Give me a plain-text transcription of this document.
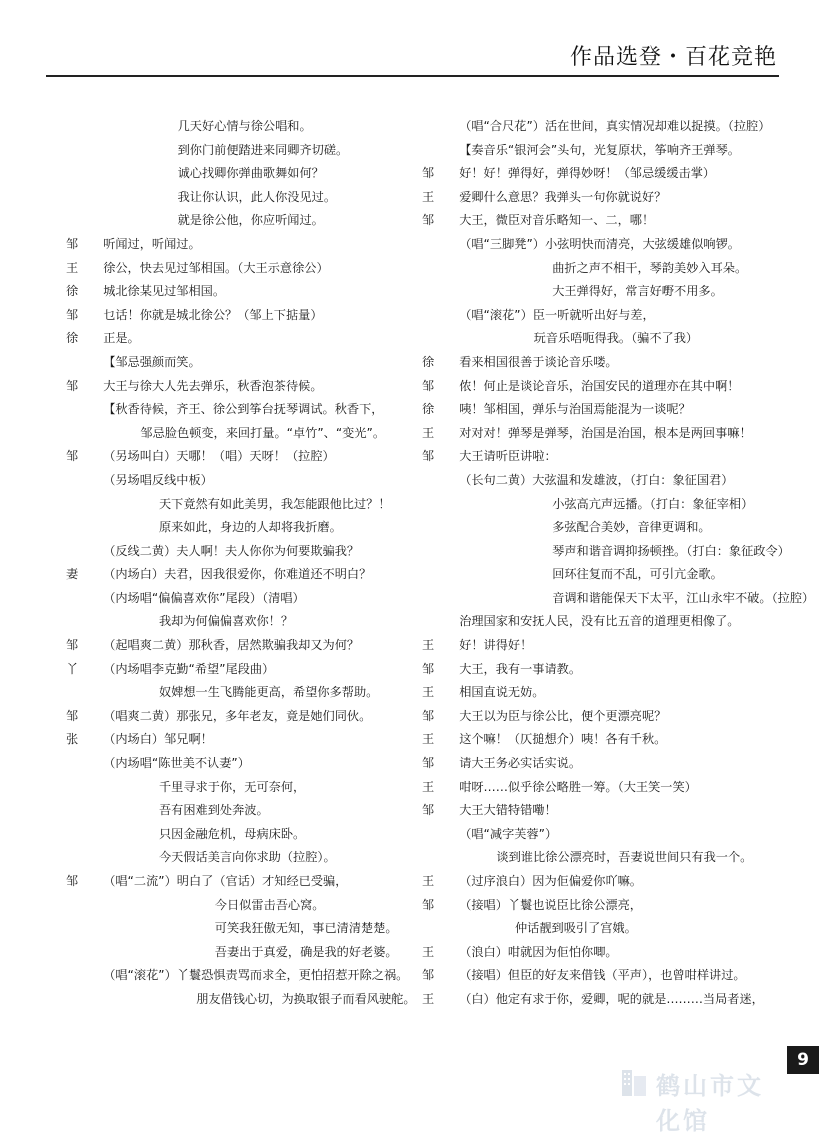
作品选登・百花竞艳
几天好心情与徐公唱和。
到你门前便踏进来同卿齐切磋。
诚心找卿你弹曲歌舞如何？
我让你认识，此人你没见过。
就是徐公他，你应听闻过。
邹 听闻过，听闻过。
王 徐公，快去见过邹相国。（大王示意徐公）
徐 城北徐某见过邹相国。
邹 乜话！你就是城北徐公？（邹上下掂量）
徐 正是。
【邹忌强颜而笑。
邹 大王与徐大人先去弹乐，秋香泡茶待候。
【秋香待候，齐王、徐公到筝台抚琴调试。秋香下，
邹忌脸色顿变，来回打量。“卓竹”、“变光”。
邹 （另场叫白）天哪！（唱）天呀！（拉腔）
（另场唱反线中板）
天下竟然有如此美男，我怎能跟他比过？！
原来如此，身边的人却将我折磨。
（反线二黄）夫人啊！夫人你你为何要欺骗我？
妻 （内场白）夫君，因我很爱你，你难道还不明白？
（内场唱“偏偏喜欢你”尾段）（清唱）
我却为何偏偏喜欢你！？
邹 （起唱爽二黄）那秋香，居然欺骗我却又为何？
丫 （内场唱李克勤“希望”尾段曲）
奴婢想一生飞腾能更高，希望你多帮助。
邹 （唱爽二黄）那张兄，多年老友，竟是她们同伙。
张 （内场白）邹兄啊！
（内场唱“陈世美不认妻”）
千里寻求于你，无可奈何，
吾有困难到处奔波。
只因金融危机，母病床卧。
今天假话美言向你求助（拉腔）。
邹 （唱“二流”）明白了（官话）才知经已受骗，
今日似雷击吾心窝。
可笑我狂傲无知，事已清清楚楚。
吾妻出于真爱，确是我的好老婆。
（唱“滚花”）丫鬟恐惧责骂而求全，更怕招惹开除之祸。
朋友借钱心切，为换取银子而看风驶舵。
（唱“合尺花”）活在世间，真实情况却难以捉摸。（拉腔）
【奏音乐“银河会”头句，光复原状，筝响齐王弹琴。
邹 好！好！弹得好，弹得妙呀！（邹忌缓缓击掌）
王 爱卿什么意思？我弹头一句你就说好？
邹 大王，微臣对音乐略知一、二，哪！
（唱“三脚凳”）小弦明快而清亮，大弦缓雄似响锣。
曲折之声不相干，琴韵美妙入耳朵。
大王弹得好，常言好嘢不用多。
（唱“滚花”）臣一听就听出好与差，
玩音乐唔呃得我。（骗不了我）
徐 看来相国很善于谈论音乐喽。
邹 侬！何止是谈论音乐，治国安民的道理亦在其中啊！
徐 咦！邹相国，弹乐与治国焉能混为一谈呢？
王 对对对！弹琴是弹琴，治国是治国，根本是两回事嘛！
邹 大王请听臣讲啦：
（长句二黄）大弦温和发雄波，（打白：象征国君）
小弦高亢声远播。（打白：象征宰相）
多弦配合美妙，音律更调和。
琴声和谐音调抑扬顿挫。（打白：象征政令）
回环往复而不乱，可引亢金歌。
音调和谐能保天下太平，江山永牢不破。（拉腔）
治理国家和安抚人民，没有比五音的道理更相像了。
王 好！讲得好！
邹 大王，我有一事请教。
王 相国直说无妨。
邹 大王以为臣与徐公比，便个更漂亮呢？
王 这个嘛！（仄搥想介）咦！各有千秋。
邹 请大王务必实话实说。
王 咁呀……似乎徐公略胜一筹。（大王笑一笑）
邹 大王大错特错嘞！
（唱“减字芙蓉”）
谈到谁比徐公漂亮时，吾妻说世间只有我一个。
王 （过序浪白）因为佢偏爱你吖嘛。
邹 （接唱）丫鬟也说臣比徐公漂亮，
仲话靓到吸引了宫娥。
王 （浪白）咁就因为佢怕你唧。
邹 （接唱）但臣的好友来借钱（平声），也曾咁样讲过。
王 （白）他定有求于你，爱卿，呢的就是………当局者迷，
9
鹤山市文化馆
